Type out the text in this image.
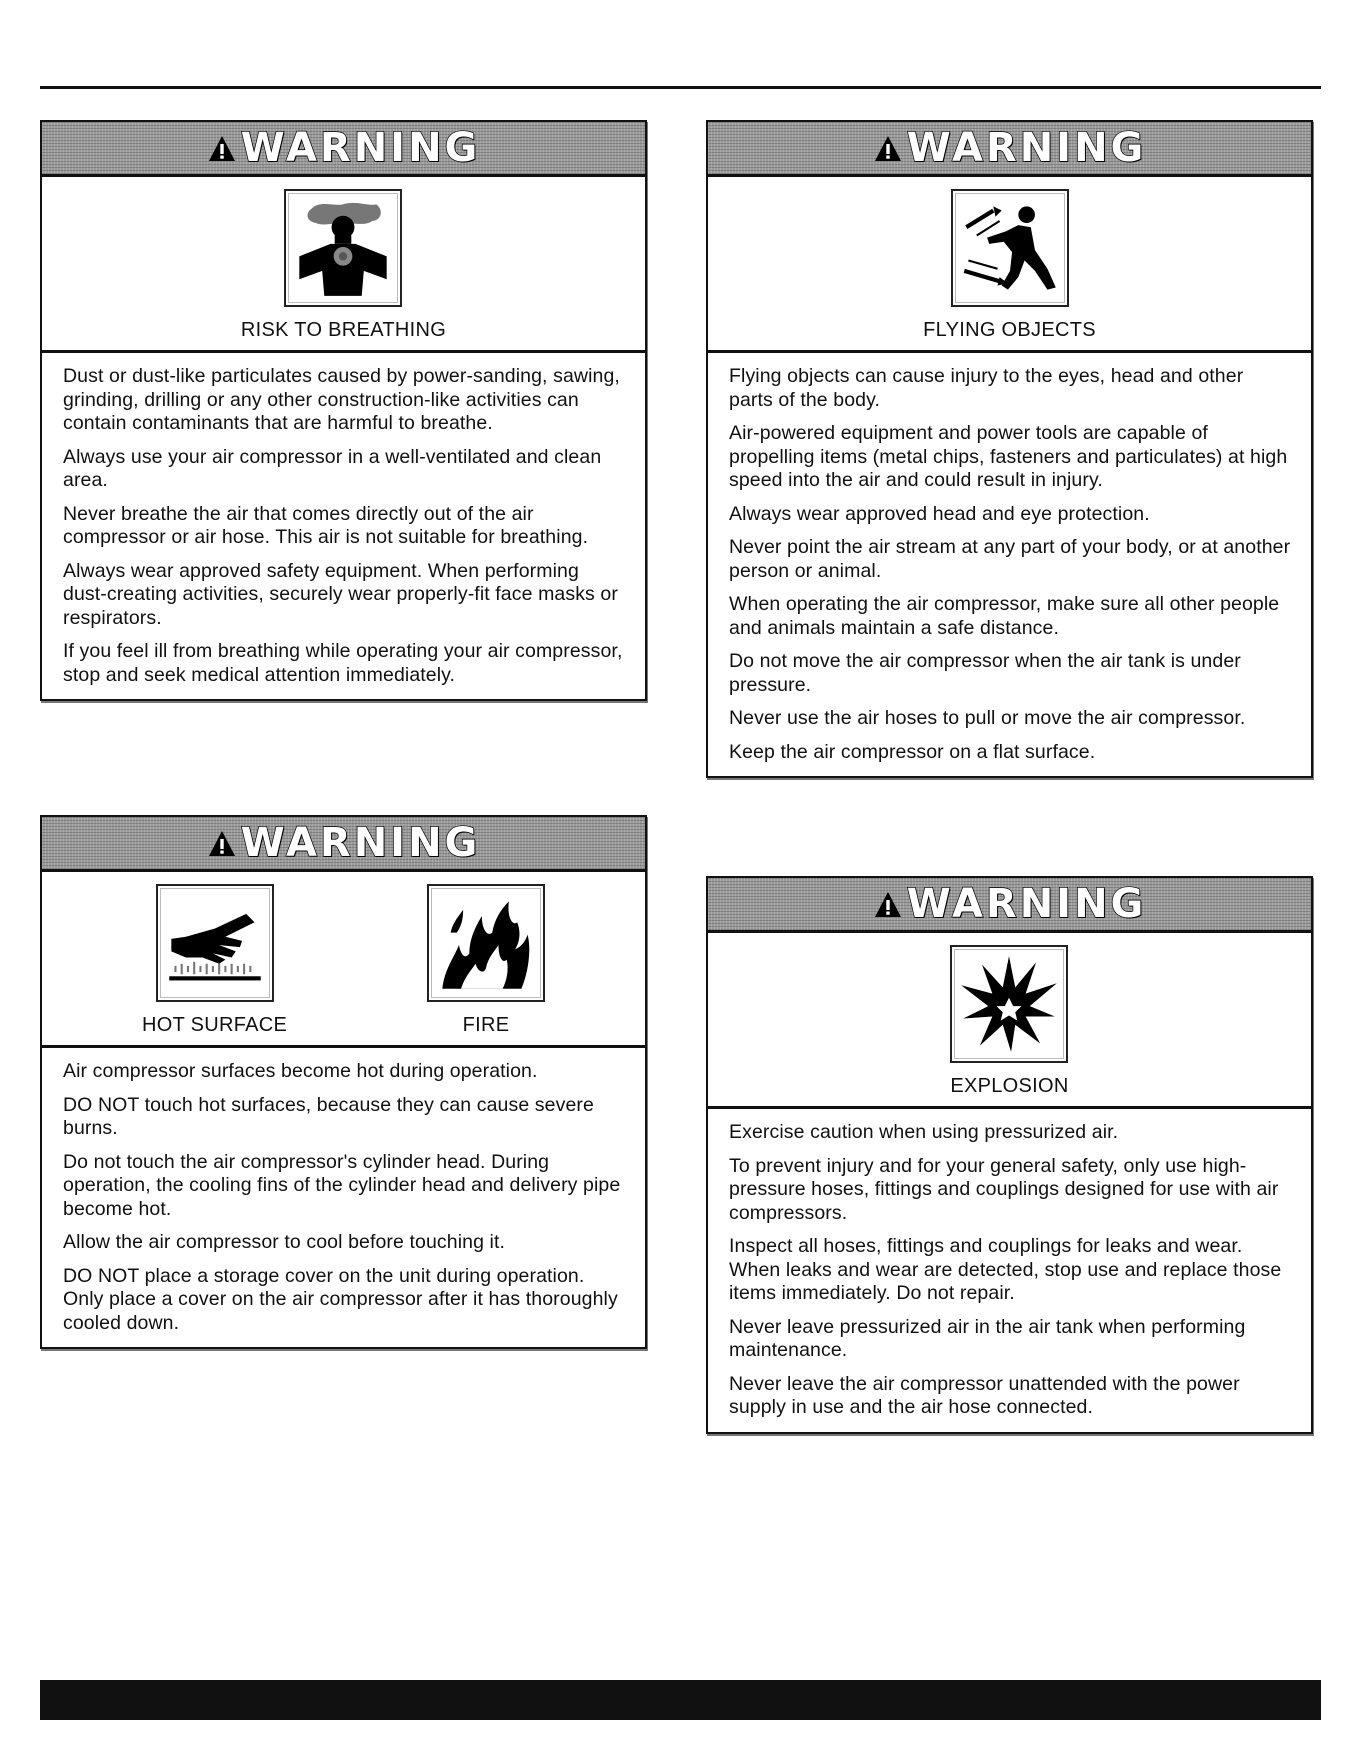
WARNING
RISK TO BREATHING

Dust or dust-like particulates caused by power-sanding, sawing, grinding, drilling or any other construction-like activities can contain contaminants that are harmful to breathe.

Always use your air compressor in a well-ventilated and clean area.

Never breathe the air that comes directly out of the air compressor or air hose. This air is not suitable for breathing.

Always wear approved safety equipment. When performing dust-creating activities, securely wear properly-fit face masks or respirators.

If you feel ill from breathing while operating your air compressor, stop and seek medical attention immediately.

WARNING
HOT SURFACE	FIRE

Air compressor surfaces become hot during operation.

DO NOT touch hot surfaces, because they can cause severe burns.

Do not touch the air compressor's cylinder head. During operation, the cooling fins of the cylinder head and delivery pipe become hot.

Allow the air compressor to cool before touching it.

DO NOT place a storage cover on the unit during operation. Only place a cover on the air compressor after it has thoroughly cooled down.

WARNING
FLYING OBJECTS

Flying objects can cause injury to the eyes, head and other parts of the body.

Air-powered equipment and power tools are capable of propelling items (metal chips, fasteners and particulates) at high speed into the air and could result in injury.

Always wear approved head and eye protection.

Never point the air stream at any part of your body, or at another person or animal.

When operating the air compressor, make sure all other people and animals maintain a safe distance.

Do not move the air compressor when the air tank is under pressure.

Never use the air hoses to pull or move the air compressor.

Keep the air compressor on a flat surface.

WARNING
EXPLOSION

Exercise caution when using pressurized air.

To prevent injury and for your general safety, only use high-pressure hoses, fittings and couplings designed for use with air compressors.

Inspect all hoses, fittings and couplings for leaks and wear. When leaks and wear are detected, stop use and replace those items immediately. Do not repair.

Never leave pressurized air in the air tank when performing maintenance.

Never leave the air compressor unattended with the power supply in use and the air hose connected.
